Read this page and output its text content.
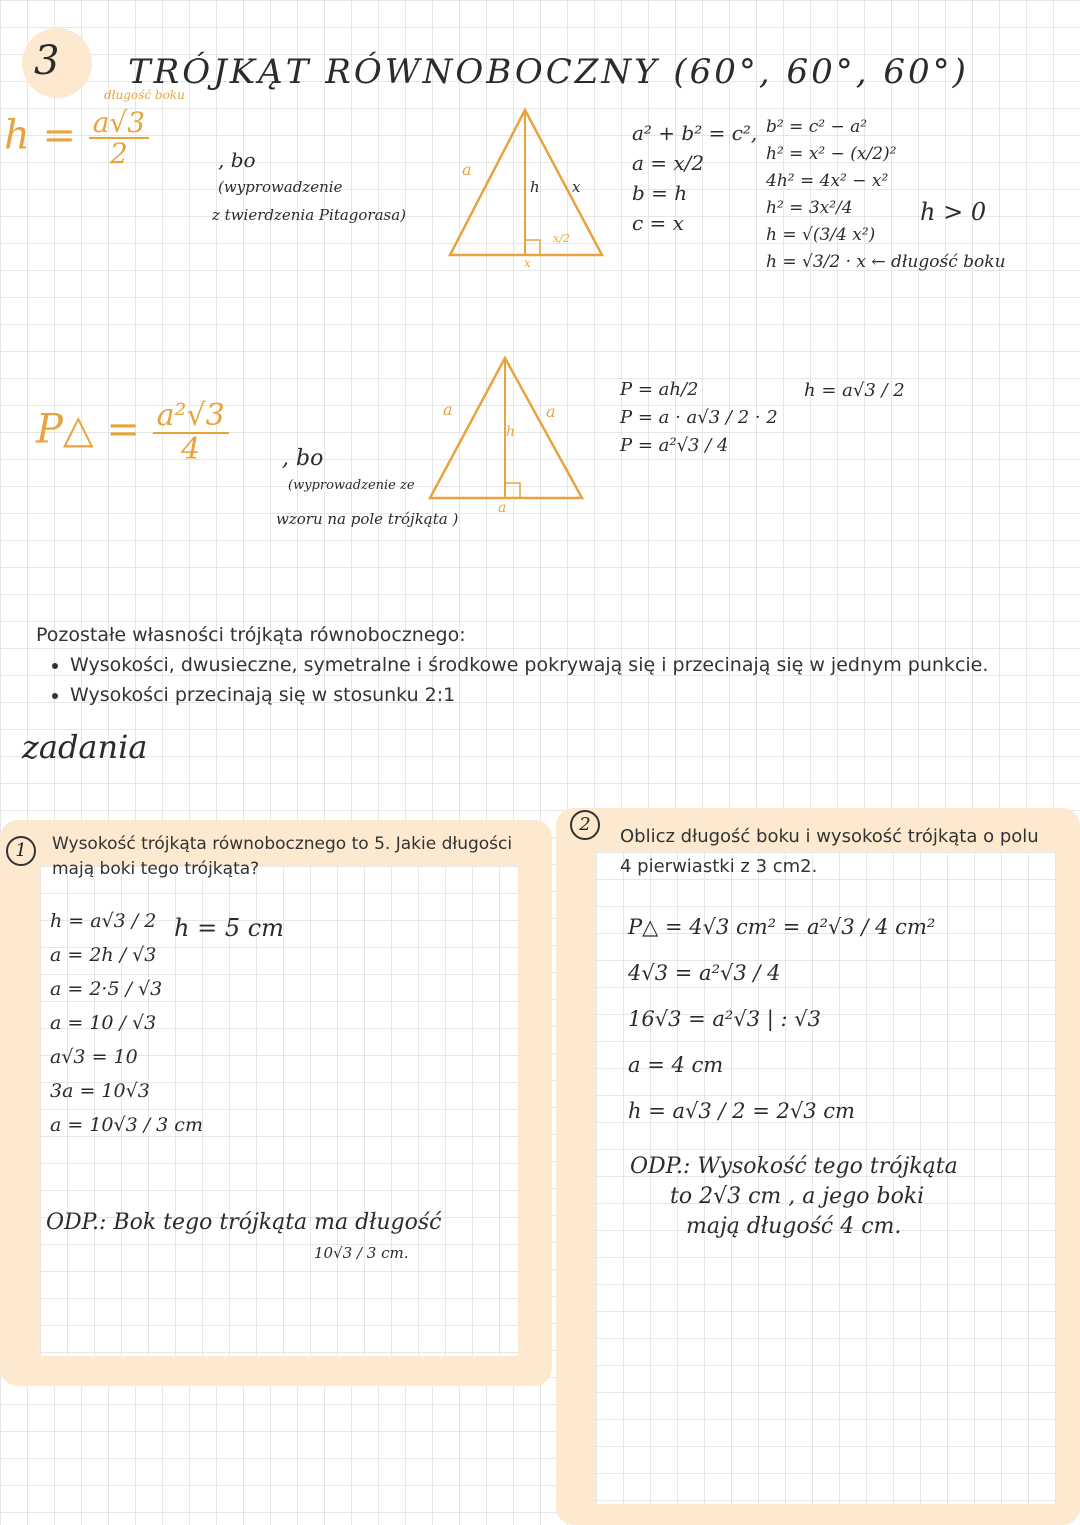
3 TRÓJKĄT RÓWNOBOCZNY (60°, 60°, 60°)
długość boku
$h = \frac{a√3}{2}$	, bo
(wyprowadzenie
z twierdzenia Pitagorasa)
a
h x
x/2
x
a² + b² = c²,
a = x/2
b = h
c = x
b² = c² − a²
h² = x² − (x/2)²
4h² = 4x² − x²
h² = 3x²/4
h = √(3/4 x²)
h = √3/2 · x ← długość boku
h > 0
P△ = $\frac{\text{a²√3}}{4}$ , bo
(wyprowadzenie ze
wzoru na pole trójkąta )
a
h
a
a
P = ah/2
P = a · a√3 / 2 · 2
P = a²√3 / 4
h = a√3 / 2
Pozostałe własności trójkąta równobocznego:
• Wysokości, dwusieczne, symetralne i środkowe pokrywają się i przecinają się w jednym punkcie.
• Wysokości przecinają się w stosunku 2:1
zadania
1	Wysokość trójkąta równobocznego to 5. Jakie długości mają boki tego trójkąta?
h = 5 cm
h = a√3 / 2
a = 2h / √3
a = 2·5 / √3
a = 10 / √3
a√3 = 10
3a = 10√3
a = 10√3 / 3 cm
ODP.: Bok tego trójkąta ma długość
10√3 / 3 cm.
2
Oblicz długość boku i wysokość trójkąta o polu 4 pierwiastki z 3 cm2.
P△ = 4√3 cm² = a²√3 / 4 cm²
4√3 = a²√3 / 4
16√3 = a²√3 | : √3
a = 4 cm
h = a√3 / 2 = 2√3 cm
ODP.: Wysokość tego trójkąta
to 2√3 cm , a jego boki
mają długość 4 cm.
